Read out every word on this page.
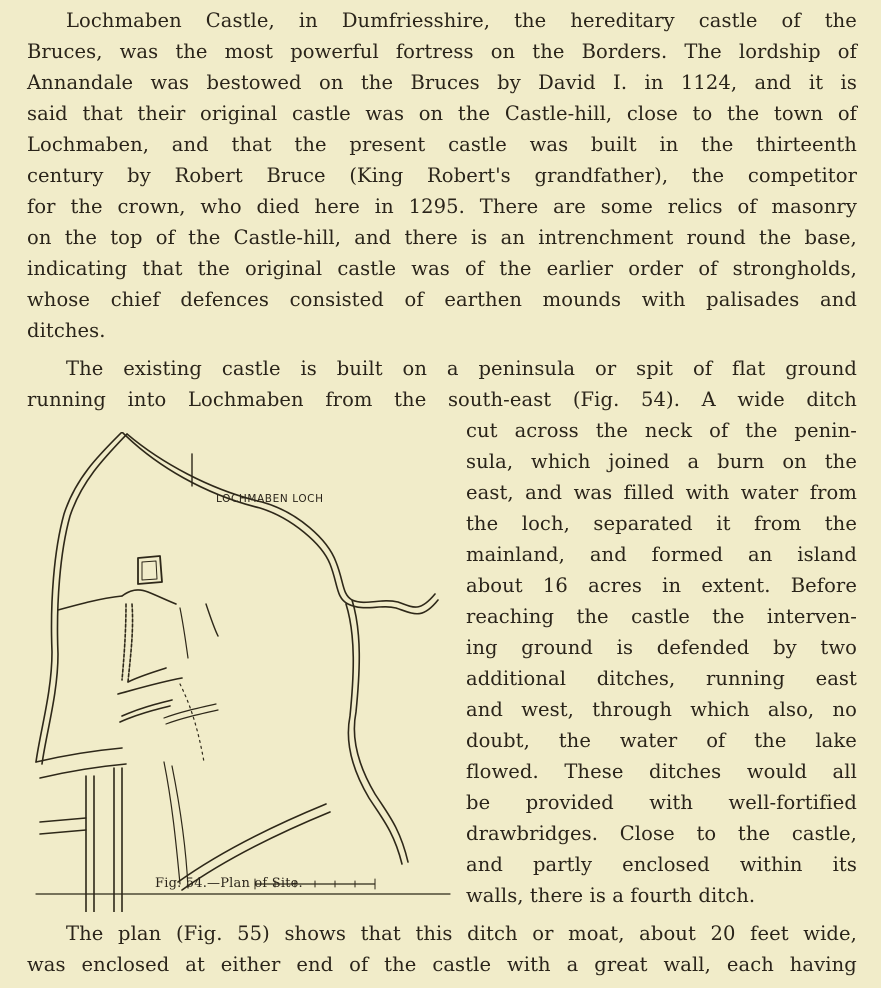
Lochmaben Castle, in Dumfriesshire, the hereditary castle of the
Bruces, was the most powerful fortress on the Borders. The lordship of
Annandale was bestowed on the Bruces by David I. in 1124, and it is
said that their original castle was on the Castle-hill, close to the town of
Lochmaben, and that the present castle was built in the thirteenth
century by Robert Bruce (King Robert's grandfather), the competitor
for the crown, who died here in 1295. There are some relics of masonry
on the top of the Castle-hill, and there is an intrenchment round the base,
indicating that the original castle was of the earlier order of strongholds,
whose chief defences consisted of earthen mounds with palisades and
ditches.
The existing castle is built on a peninsula or spit of flat ground
running into Lochmaben from the south-east (Fig. 54). A wide ditch
cut across the neck of the penin-
sula, which joined a burn on the
east, and was filled with water from
the loch, separated it from the
mainland, and formed an island
about 16 acres in extent. Before
reaching the castle the interven-
ing ground is defended by two
additional ditches, running east
and west, through which also, no
doubt, the water of the lake
flowed. These ditches would all
be provided with well-fortified
drawbridges. Close to the castle,
and partly enclosed within its
walls, there is a fourth ditch.
The plan (Fig. 55) shows that this ditch or moat, about 20 feet wide,
was enclosed at either end of the castle with a great wall, each having
LOCHMABEN LOCH
Fig. 54.—Plan of Site.
